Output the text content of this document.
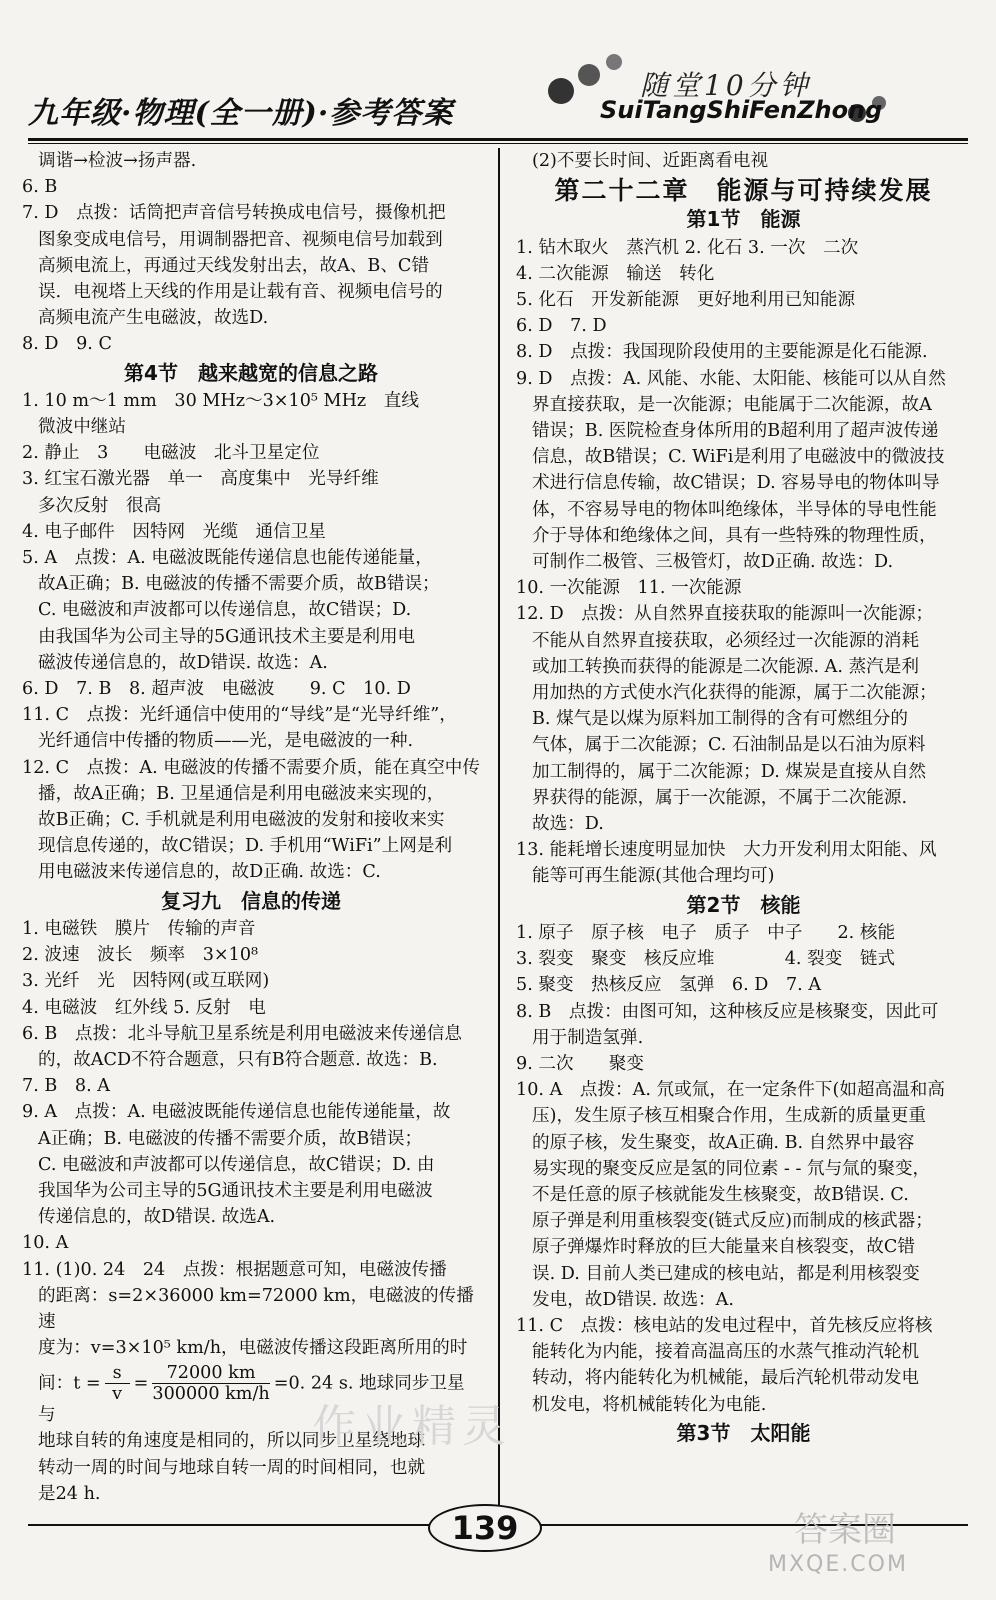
九年级·物理(全一册)·参考答案
随堂10分钟
SuiTangShiFenZhong
调谐→检波→扬声器.
6. B
7. D　点拨：话筒把声音信号转换成电信号，摄像机把
图象变成电信号，用调制器把音、视频电信号加载到
高频电流上，再通过天线发射出去，故A、B、C错
误．电视塔上天线的作用是让载有音、视频电信号的
高频电流产生电磁波，故选D.
8. D　9. C
第4节　越来越宽的信息之路
1. 10 m～1 mm　30 MHz～3×10⁵ MHz　直线
微波中继站
2. 静止　3　　电磁波　北斗卫星定位
3. 红宝石激光器　单一　高度集中　光导纤维
多次反射　很高
4. 电子邮件　因特网　光缆　通信卫星
5. A　点拨：A. 电磁波既能传递信息也能传递能量，
故A正确；B. 电磁波的传播不需要介质，故B错误；
C. 电磁波和声波都可以传递信息，故C错误；D.
由我国华为公司主导的5G通讯技术主要是利用电
磁波传递信息的，故D错误. 故选：A.
6. D　7. B　8. 超声波　电磁波　　9. C　10. D
11. C　点拨：光纤通信中使用的“导线”是“光导纤维”，
光纤通信中传播的物质——光，是电磁波的一种.
12. C　点拨：A. 电磁波的传播不需要介质，能在真空中传
播，故A正确；B. 卫星通信是利用电磁波来实现的，
故B正确；C. 手机就是利用电磁波的发射和接收来实
现信息传递的，故C错误；D. 手机用“WiFi”上网是利
用电磁波来传递信息的，故D正确. 故选：C.
复习九　信息的传递
1. 电磁铁　膜片　传输的声音
2. 波速　波长　频率　3×10⁸
3. 光纤　光　因特网(或互联网)
4. 电磁波　红外线 5. 反射　电
6. B　点拨：北斗导航卫星系统是利用电磁波来传递信息
的，故ACD不符合题意，只有B符合题意. 故选：B.
7. B　8. A
9. A　点拨：A. 电磁波既能传递信息也能传递能量，故
A正确；B. 电磁波的传播不需要介质，故B错误；
C. 电磁波和声波都可以传递信息，故C错误；D. 由
我国华为公司主导的5G通讯技术主要是利用电磁波
传递信息的，故D错误. 故选A.
10. A
11. (1)0. 24　24　点拨：根据题意可知，电磁波传播
的距离：s=2×36000 km=72000 km，电磁波的传播速
度为：v=3×10⁵ km/h，电磁波传播这段距离所用的时
间：$t = \frac{s}{v} = \frac{72000 km}{300000 km/h} =0$. 24 s. 地球同步卫星与
地球自转的角速度是相同的，所以同步卫星绕地球
转动一周的时间与地球自转一周的时间相同，也就
是24 h.
(2)不要长时间、近距离看电视
第二十二章　能源与可持续发展
第1节　能源
1. 钻木取火　蒸汽机 2. 化石 3. 一次　二次
4. 二次能源　输送　转化
5. 化石　开发新能源　更好地利用已知能源
6. D　7. D
8. D　点拨：我国现阶段使用的主要能源是化石能源.
9. D　点拨：A. 风能、水能、太阳能、核能可以从自然
界直接获取，是一次能源；电能属于二次能源，故A
错误；B. 医院检查身体所用的B超利用了超声波传递
信息，故B错误；C. WiFi是利用了电磁波中的微波技
术进行信息传输，故C错误；D. 容易导电的物体叫导
体，不容易导电的物体叫绝缘体，半导体的导电性能
介于导体和绝缘体之间，具有一些特殊的物理性质，
可制作二极管、三极管灯，故D正确. 故选：D.
10. 一次能源　11. 一次能源
12. D　点拨：从自然界直接获取的能源叫一次能源；
不能从自然界直接获取，必须经过一次能源的消耗
或加工转换而获得的能源是二次能源. A. 蒸汽是利
用加热的方式使水汽化获得的能源，属于二次能源；
B. 煤气是以煤为原料加工制得的含有可燃组分的
气体，属于二次能源；C. 石油制品是以石油为原料
加工制得的，属于二次能源；D. 煤炭是直接从自然
界获得的能源，属于一次能源，不属于二次能源.
故选：D.
13. 能耗增长速度明显加快　大力开发利用太阳能、风
能等可再生能源(其他合理均可)
第2节　核能
1. 原子　原子核　电子　质子　中子　　2. 核能
3. 裂变　聚变　核反应堆　　　　4. 裂变　链式
5. 聚变　热核反应　氢弹　6. D　7. A
8. B　点拨：由图可知，这种核反应是核聚变，因此可
用于制造氢弹.
9. 二次　　聚变
10. A　点拨：A. 氘或氚，在一定条件下(如超高温和高
压)，发生原子核互相聚合作用，生成新的质量更重
的原子核，发生聚变，故A正确. B. 自然界中最容
易实现的聚变反应是氢的同位素 - - 氘与氚的聚变，
不是任意的原子核就能发生核聚变，故B错误. C.
原子弹是利用重核裂变(链式反应)而制成的核武器；
原子弹爆炸时释放的巨大能量来自核裂变，故C错
误. D. 目前人类已建成的核电站，都是利用核裂变
发电，故D错误. 故选：A.
11. C　点拨：核电站的发电过程中，首先核反应将核
能转化为内能，接着高温高压的水蒸气推动汽轮机
转动，将内能转化为机械能，最后汽轮机带动发电
机发电，将机械能转化为电能.
第3节　太阳能
作业精灵
139	答案圈
MXQE.COM
